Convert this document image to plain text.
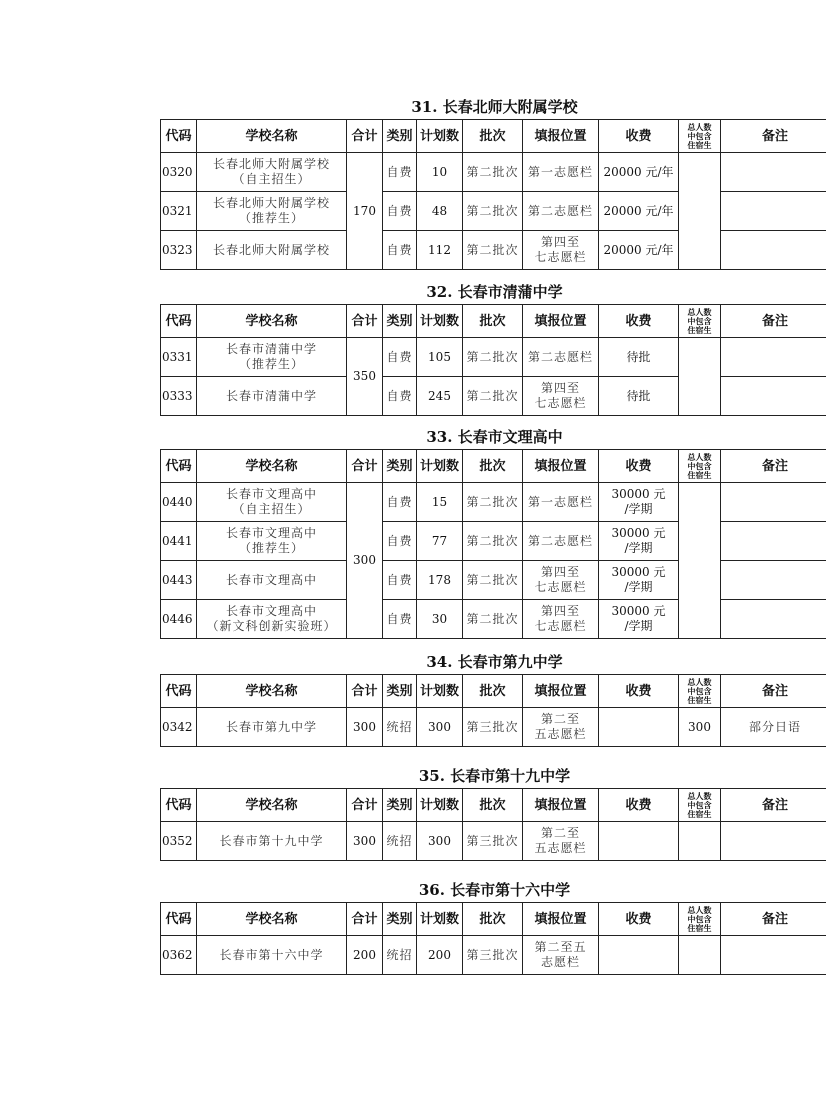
31. 长春北师大附属学校
代码	学校名称	合计	类别	计划数	批次	填报位置	收费	总人数
中包含
住宿生	备注
0320	长春北师大附属学校
（自主招生）	170	自费	10	第二批次	第一志愿栏	20000 元/年		
0321	长春北师大附属学校
（推荐生）		自费	48	第二批次	第二志愿栏	20000 元/年		
0323	长春北师大附属学校		自费	112	第二批次	第四至
七志愿栏	20000 元/年		
32. 长春市清蒲中学
代码	学校名称	合计	类别	计划数	批次	填报位置	收费	总人数
中包含
住宿生	备注
0331	长春市清蒲中学
（推荐生）	350	自费	105	第二批次	第二志愿栏	待批		
0333	长春市清蒲中学		自费	245	第二批次	第四至
七志愿栏	待批		
33. 长春市文理高中
代码	学校名称	合计	类别	计划数	批次	填报位置	收费	总人数
中包含
住宿生	备注
0440	长春市文理高中
（自主招生）	300	自费	15	第二批次	第一志愿栏	30000 元
/学期		
0441	长春市文理高中
（推荐生）		自费	77	第二批次	第二志愿栏	30000 元
/学期		
0443	长春市文理高中		自费	178	第二批次	第四至
七志愿栏	30000 元
/学期		
0446	长春市文理高中
（新文科创新实验班）		自费	30	第二批次	第四至
七志愿栏	30000 元
/学期		
34. 长春市第九中学
代码	学校名称	合计	类别	计划数	批次	填报位置	收费	总人数
中包含
住宿生	备注
0342	长春市第九中学	300	统招	300	第三批次	第二至
五志愿栏		300	部分日语
35. 长春市第十九中学
代码	学校名称	合计	类别	计划数	批次	填报位置	收费	总人数
中包含
住宿生	备注
0352	长春市第十九中学	300	统招	300	第三批次	第二至
五志愿栏			
36. 长春市第十六中学
代码	学校名称	合计	类别	计划数	批次	填报位置	收费	总人数
中包含
住宿生	备注
0362	长春市第十六中学	200	统招	200	第三批次	第二至五
志愿栏			
